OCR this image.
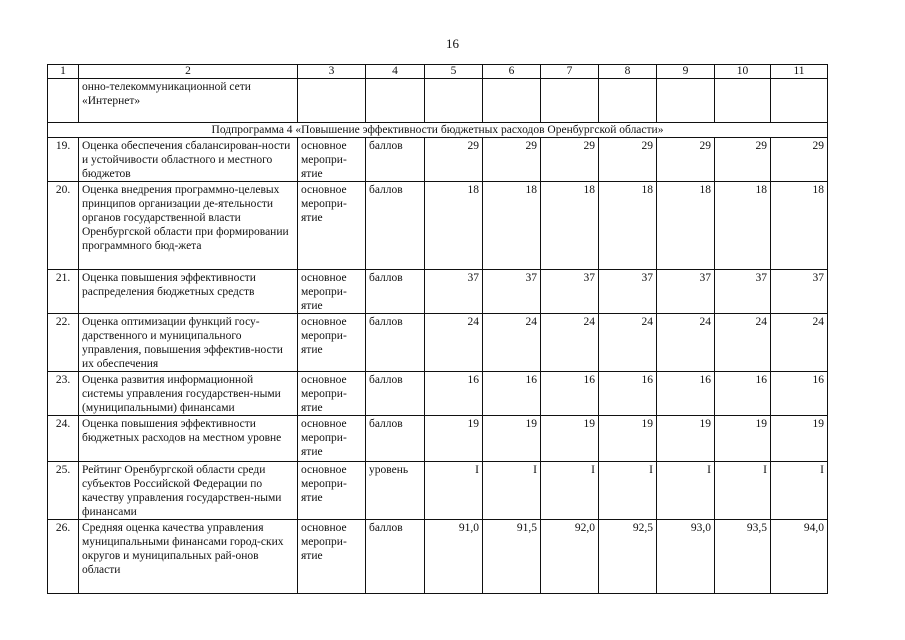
16
1	2	3	4	5	6	7	8	9	10	11
	онно-телекоммуникационной сети «Интернет»									
Подпрограмма 4 «Повышение эффективности бюджетных расходов Оренбургской области»										
19.	Оценка обеспечения сбалансирован-ности и устойчивости областного и местного бюджетов	основное меропри-ятие	баллов	29	29	29	29	29	29	29
20.	Оценка внедрения программно-целевых принципов организации де-ятельности органов государственной власти Оренбургской области при формировании программного бюд-жета	основное меропри-ятие	баллов	18	18	18	18	18	18	18
21.	Оценка повышения эффективности распределения бюджетных средств	основное меропри-ятие	баллов	37	37	37	37	37	37	37
22.	Оценка оптимизации функций госу-дарственного и муниципального управления, повышения эффектив-ности их обеспечения	основное меропри-ятие	баллов	24	24	24	24	24	24	24
23.	Оценка развития информационной системы управления государствен-ными (муниципальными) финансами	основное меропри-ятие	баллов	16	16	16	16	16	16	16
24.	Оценка повышения эффективности бюджетных расходов на местном уровне	основное меропри-ятие	баллов	19	19	19	19	19	19	19
25.	Рейтинг Оренбургской области среди субъектов Российской Федерации по качеству управления государствен-ными финансами	основное меропри-ятие	уровень	I	I	I	I	I	I	I
26.	Средняя оценка качества управления муниципальными финансами город-ских округов и муниципальных рай-онов области	основное меропри-ятие	баллов	91,0	91,5	92,0	92,5	93,0	93,5	94,0
